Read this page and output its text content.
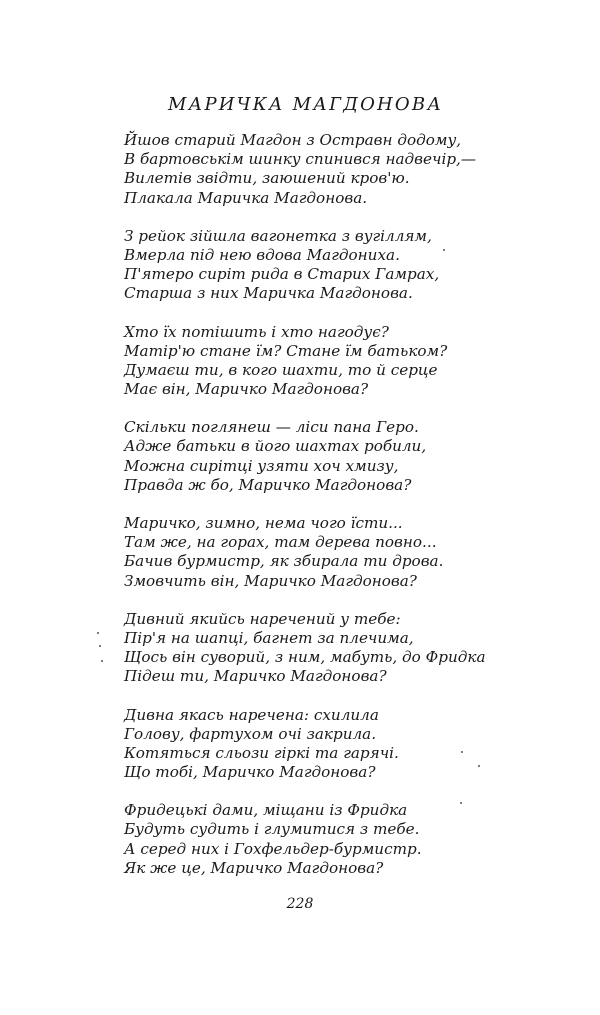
МАРИЧКА МАГДОНОВА
Йшов старий Магдон з Остравн додому,
В бартовськім шинку спинився надвечір,—
Вилетів звідти, заюшений кров'ю.
Плакала Маричка Магдонова.
З рейок зійшла вагонетка з вугіллям,
Вмерла під нею вдова Магдониха.
П'ятеро сиріт рида в Старих Гамрах,
Старша з них Маричка Магдонова.
Хто їх потішить і хто нагодує?
Матір'ю стане їм? Стане їм батьком?
Думаєш ти, в кого шахти, то й серце
Має він, Маричко Магдонова?
Скільки поглянеш — ліси пана Геро.
Адже батьки в його шахтах робили,
Можна сирітці узяти хоч хмизу,
Правда ж бо, Маричко Магдонова?
Маричко, зимно, нема чого їсти...
Там же, на горах, там дерева повно...
Бачив бурмистр, як збирала ти дрова.
Змовчить він, Маричко Магдонова?
Дивний якийсь наречений у тебе:
Пір'я на шапці, багнет за плечима,
Щось він суворий, з ним, мабуть, до Фридка
Підеш ти, Маричко Магдонова?
Дивна якась наречена: схилила
Голову, фартухом очі закрила.
Котяться сльози гіркі та гарячі.
Що тобі, Маричко Магдонова?
Фридецькі дами, міщани із Фридка
Будуть судить і глумитися з тебе.
А серед них і Гохфельдер-бурмистр.
Як же це, Маричко Магдонова?
228
